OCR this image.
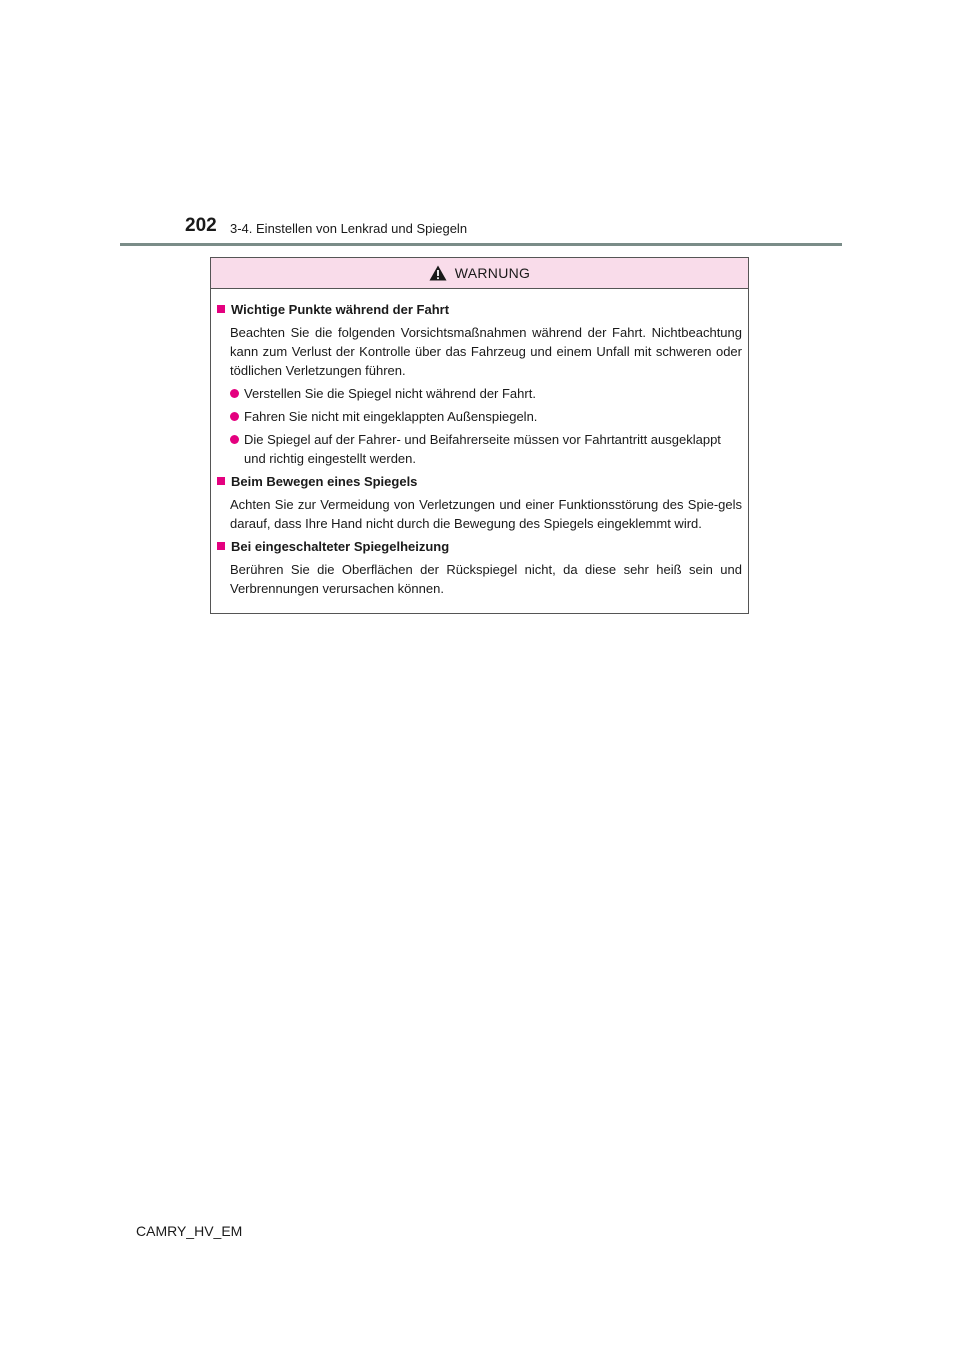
202 3-4. Einstellen von Lenkrad und Spiegeln
WARNUNG
Wichtige Punkte während der Fahrt
Beachten Sie die folgenden Vorsichtsmaßnahmen während der Fahrt. Nichtbeachtung kann zum Verlust der Kontrolle über das Fahrzeug und einem Unfall mit schweren oder tödlichen Verletzungen führen.
Verstellen Sie die Spiegel nicht während der Fahrt.
Fahren Sie nicht mit eingeklappten Außenspiegeln.
Die Spiegel auf der Fahrer- und Beifahrerseite müssen vor Fahrtantritt ausgeklappt und richtig eingestellt werden.
Beim Bewegen eines Spiegels
Achten Sie zur Vermeidung von Verletzungen und einer Funktionsstörung des Spie-gels darauf, dass Ihre Hand nicht durch die Bewegung des Spiegels eingeklemmt wird.
Bei eingeschalteter Spiegelheizung
Berühren Sie die Oberflächen der Rückspiegel nicht, da diese sehr heiß sein und Verbrennungen verursachen können.
CAMRY_HV_EM
